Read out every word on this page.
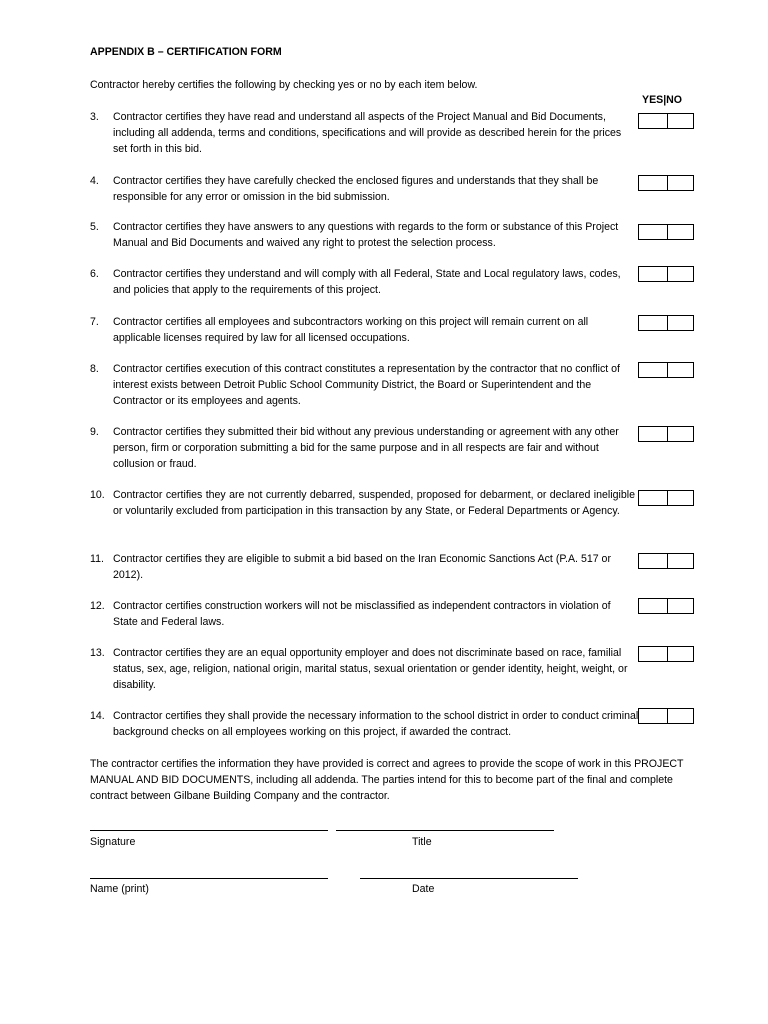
APPENDIX B – CERTIFICATION FORM
Contractor hereby certifies the following by checking yes or no by each item below.
YES|NO
3. Contractor certifies they have read and understand all aspects of the Project Manual and Bid Documents, including all addenda, terms and conditions, specifications and will provide as described herein for the prices set forth in this bid.
4. Contractor certifies they have carefully checked the enclosed figures and understands that they shall be responsible for any error or omission in the bid submission.
5. Contractor certifies they have answers to any questions with regards to the form or substance of this Project Manual and Bid Documents and waived any right to protest the selection process.
6. Contractor certifies they understand and will comply with all Federal, State and Local regulatory laws, codes, and policies that apply to the requirements of this project.
7. Contractor certifies all employees and subcontractors working on this project will remain current on all applicable licenses required by law for all licensed occupations.
8. Contractor certifies execution of this contract constitutes a representation by the contractor that no conflict of interest exists between Detroit Public School Community District, the Board or Superintendent and the Contractor or its employees and agents.
9. Contractor certifies they submitted their bid without any previous understanding or agreement with any other person, firm or corporation submitting a bid for the same purpose and in all respects are fair and without collusion or fraud.
10. Contractor certifies they are not currently debarred, suspended, proposed for debarment, or declared ineligible or voluntarily excluded from participation in this transaction by any State, or Federal Departments or Agency.
11. Contractor certifies they are eligible to submit a bid based on the Iran Economic Sanctions Act (P.A. 517 or 2012).
12. Contractor certifies construction workers will not be misclassified as independent contractors in violation of State and Federal laws.
13. Contractor certifies they are an equal opportunity employer and does not discriminate based on race, familial status, sex, age, religion, national origin, marital status, sexual orientation or gender identity, height, weight, or disability.
14. Contractor certifies they shall provide the necessary information to the school district in order to conduct criminal background checks on all employees working on this project, if awarded the contract.
The contractor certifies the information they have provided is correct and agrees to provide the scope of work in this PROJECT MANUAL AND BID DOCUMENTS, including all addenda. The parties intend for this to become part of the final and complete contract between Gilbane Building Company and the contractor.
Signature	Title
Name (print)	Date
